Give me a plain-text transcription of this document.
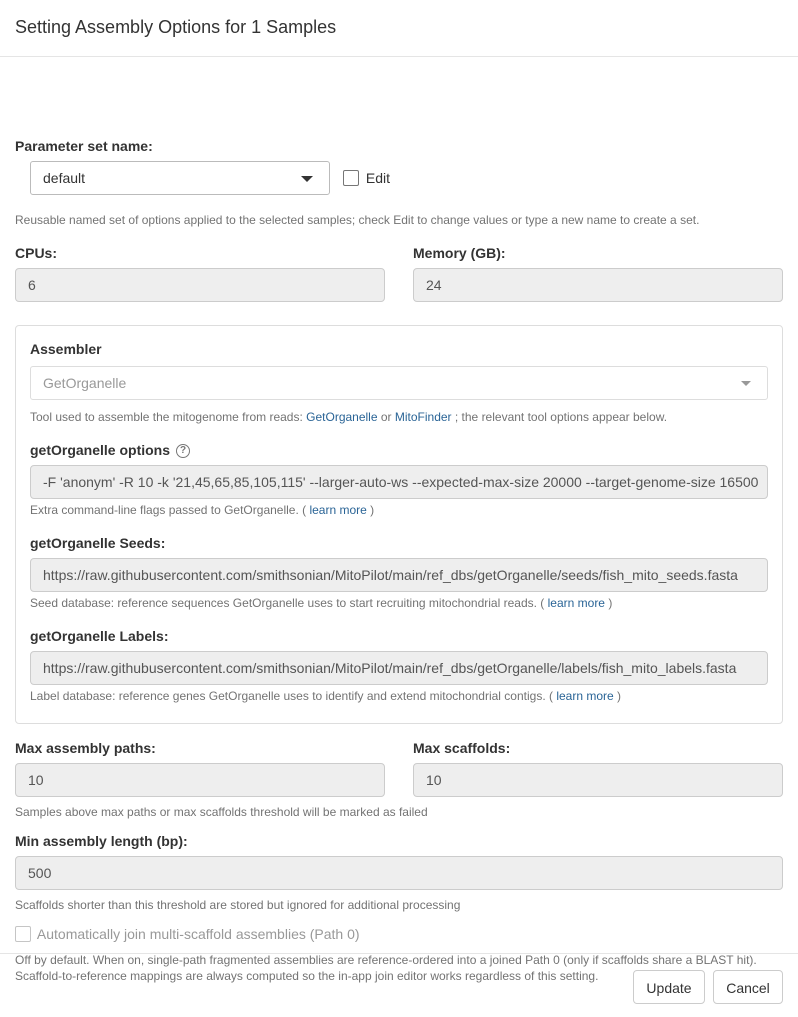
Setting Assembly Options for 1 Samples
Parameter set name:
default	Edit
Reusable named set of options applied to the selected samples; check Edit to change values or type a new name to create a set.
CPUs:
6
Memory (GB):
24
Assembler
GetOrganelle
Tool used to assemble the mitogenome from reads: GetOrganelle or MitoFinder ; the relevant tool options appear below.
getOrganelle options ?
-F 'anonym' -R 10 -k '21,45,65,85,105,115' --larger-auto-ws --expected-max-size 20000 --target-genome-size 16500
Extra command-line flags passed to GetOrganelle. ( learn more )
getOrganelle Seeds:
https://raw.githubusercontent.com/smithsonian/MitoPilot/main/ref_dbs/getOrganelle/seeds/fish_mito_seeds.fasta
Seed database: reference sequences GetOrganelle uses to start recruiting mitochondrial reads. ( learn more )
getOrganelle Labels:
https://raw.githubusercontent.com/smithsonian/MitoPilot/main/ref_dbs/getOrganelle/labels/fish_mito_labels.fasta
Label database: reference genes GetOrganelle uses to identify and extend mitochondrial contigs. ( learn more )
Max assembly paths:
10
Max scaffolds:
10
Samples above max paths or max scaffolds threshold will be marked as failed
Min assembly length (bp):
500
Scaffolds shorter than this threshold are stored but ignored for additional processing
Automatically join multi-scaffold assemblies (Path 0)
Off by default. When on, single-path fragmented assemblies are reference-ordered into a joined Path 0 (only if scaffolds share a BLAST hit).
Scaffold-to-reference mappings are always computed so the in-app join editor works regardless of this setting.
Update	Cancel
